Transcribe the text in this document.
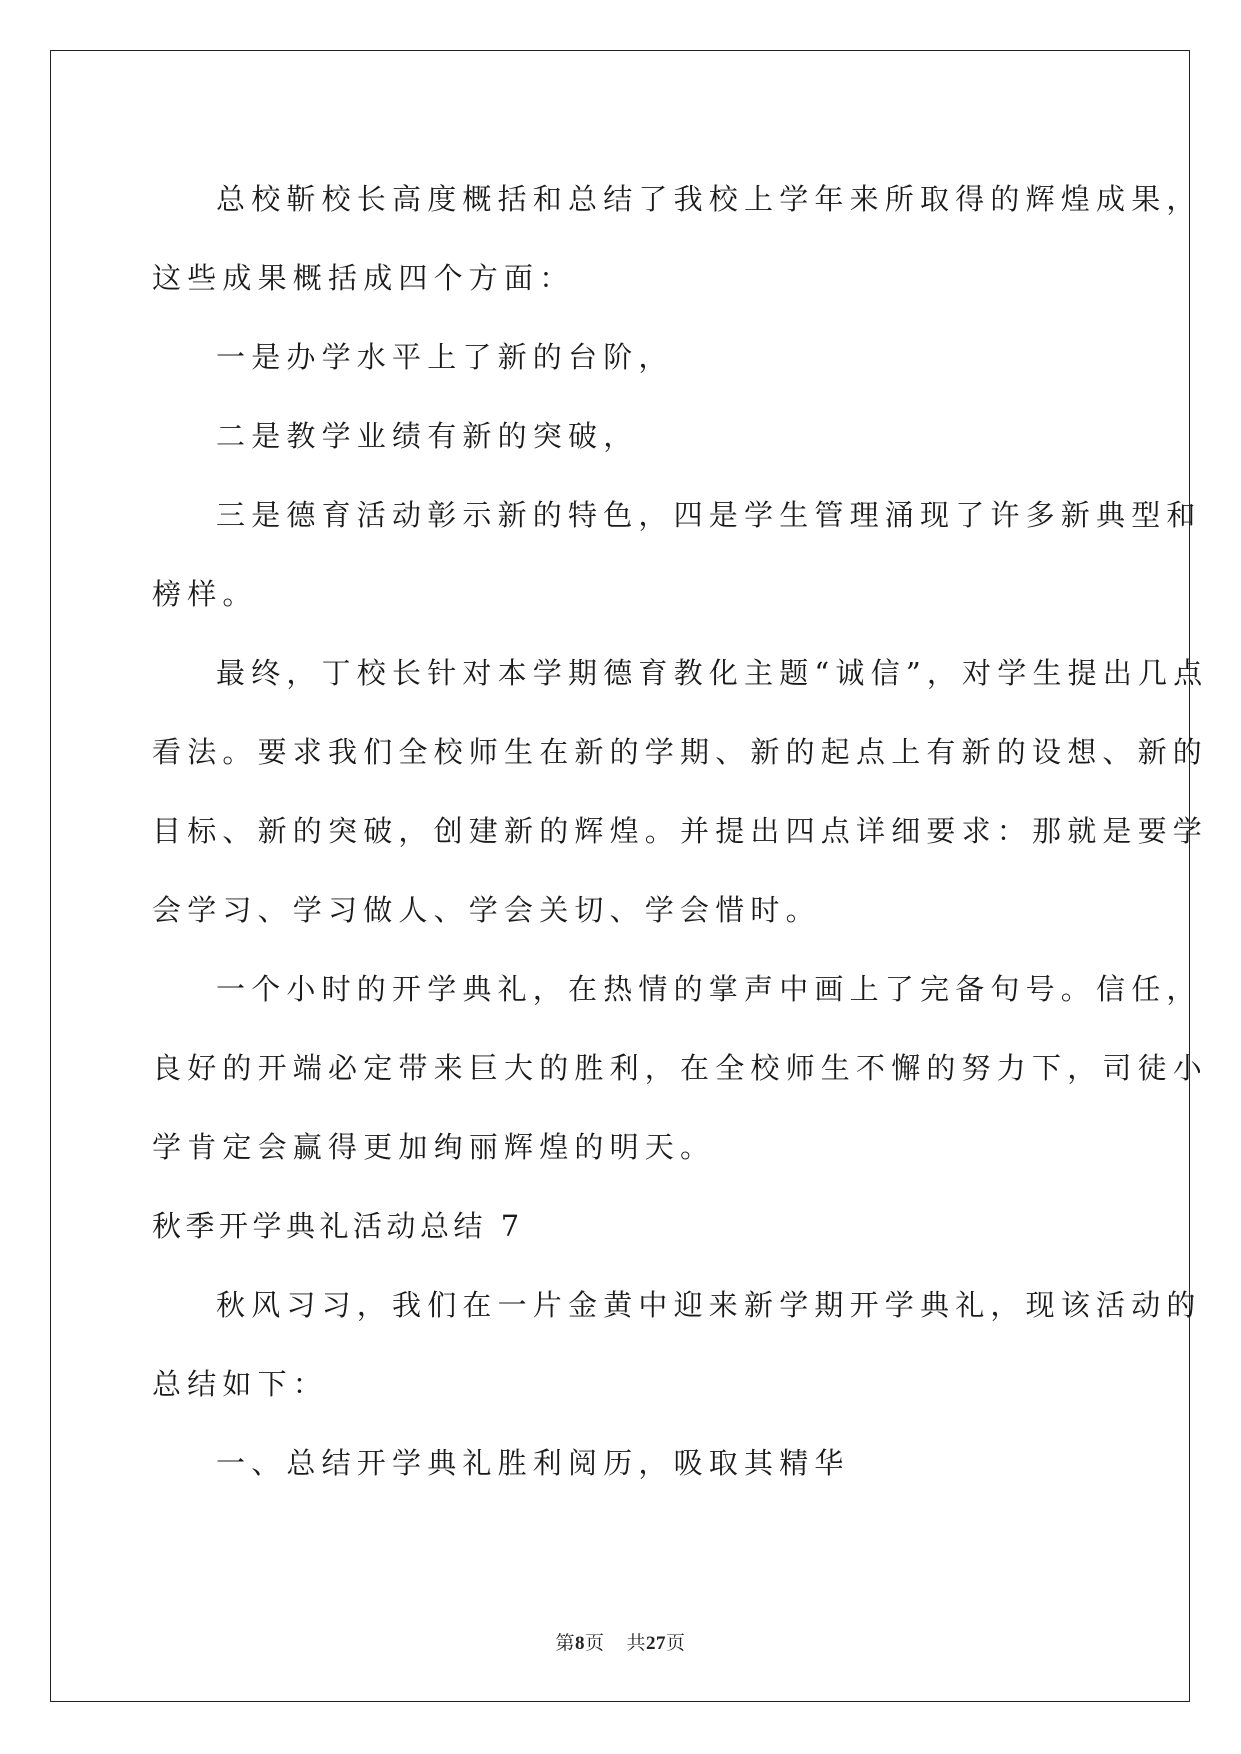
总校靳校长高度概括和总结了我校上学年来所取得的辉煌成果，

这些成果概括成四个方面：

一是办学水平上了新的台阶，

二是教学业绩有新的突破，

三是德育活动彰示新的特色，四是学生管理涌现了许多新典型和

榜样。

最终，丁校长针对本学期德育教化主题“诚信”，对学生提出几点

看法。要求我们全校师生在新的学期、新的起点上有新的设想、新的

目标、新的突破，创建新的辉煌。并提出四点详细要求：那就是要学

会学习、学习做人、学会关切、学会惜时。

一个小时的开学典礼，在热情的掌声中画上了完备句号。信任，

良好的开端必定带来巨大的胜利，在全校师生不懈的努力下，司徒小

学肯定会赢得更加绚丽辉煌的明天。

秋季开学典礼活动总结 7

秋风习习，我们在一片金黄中迎来新学期开学典礼，现该活动的

总结如下：

一、总结开学典礼胜利阅历，吸取其精华

第8页 共27页
